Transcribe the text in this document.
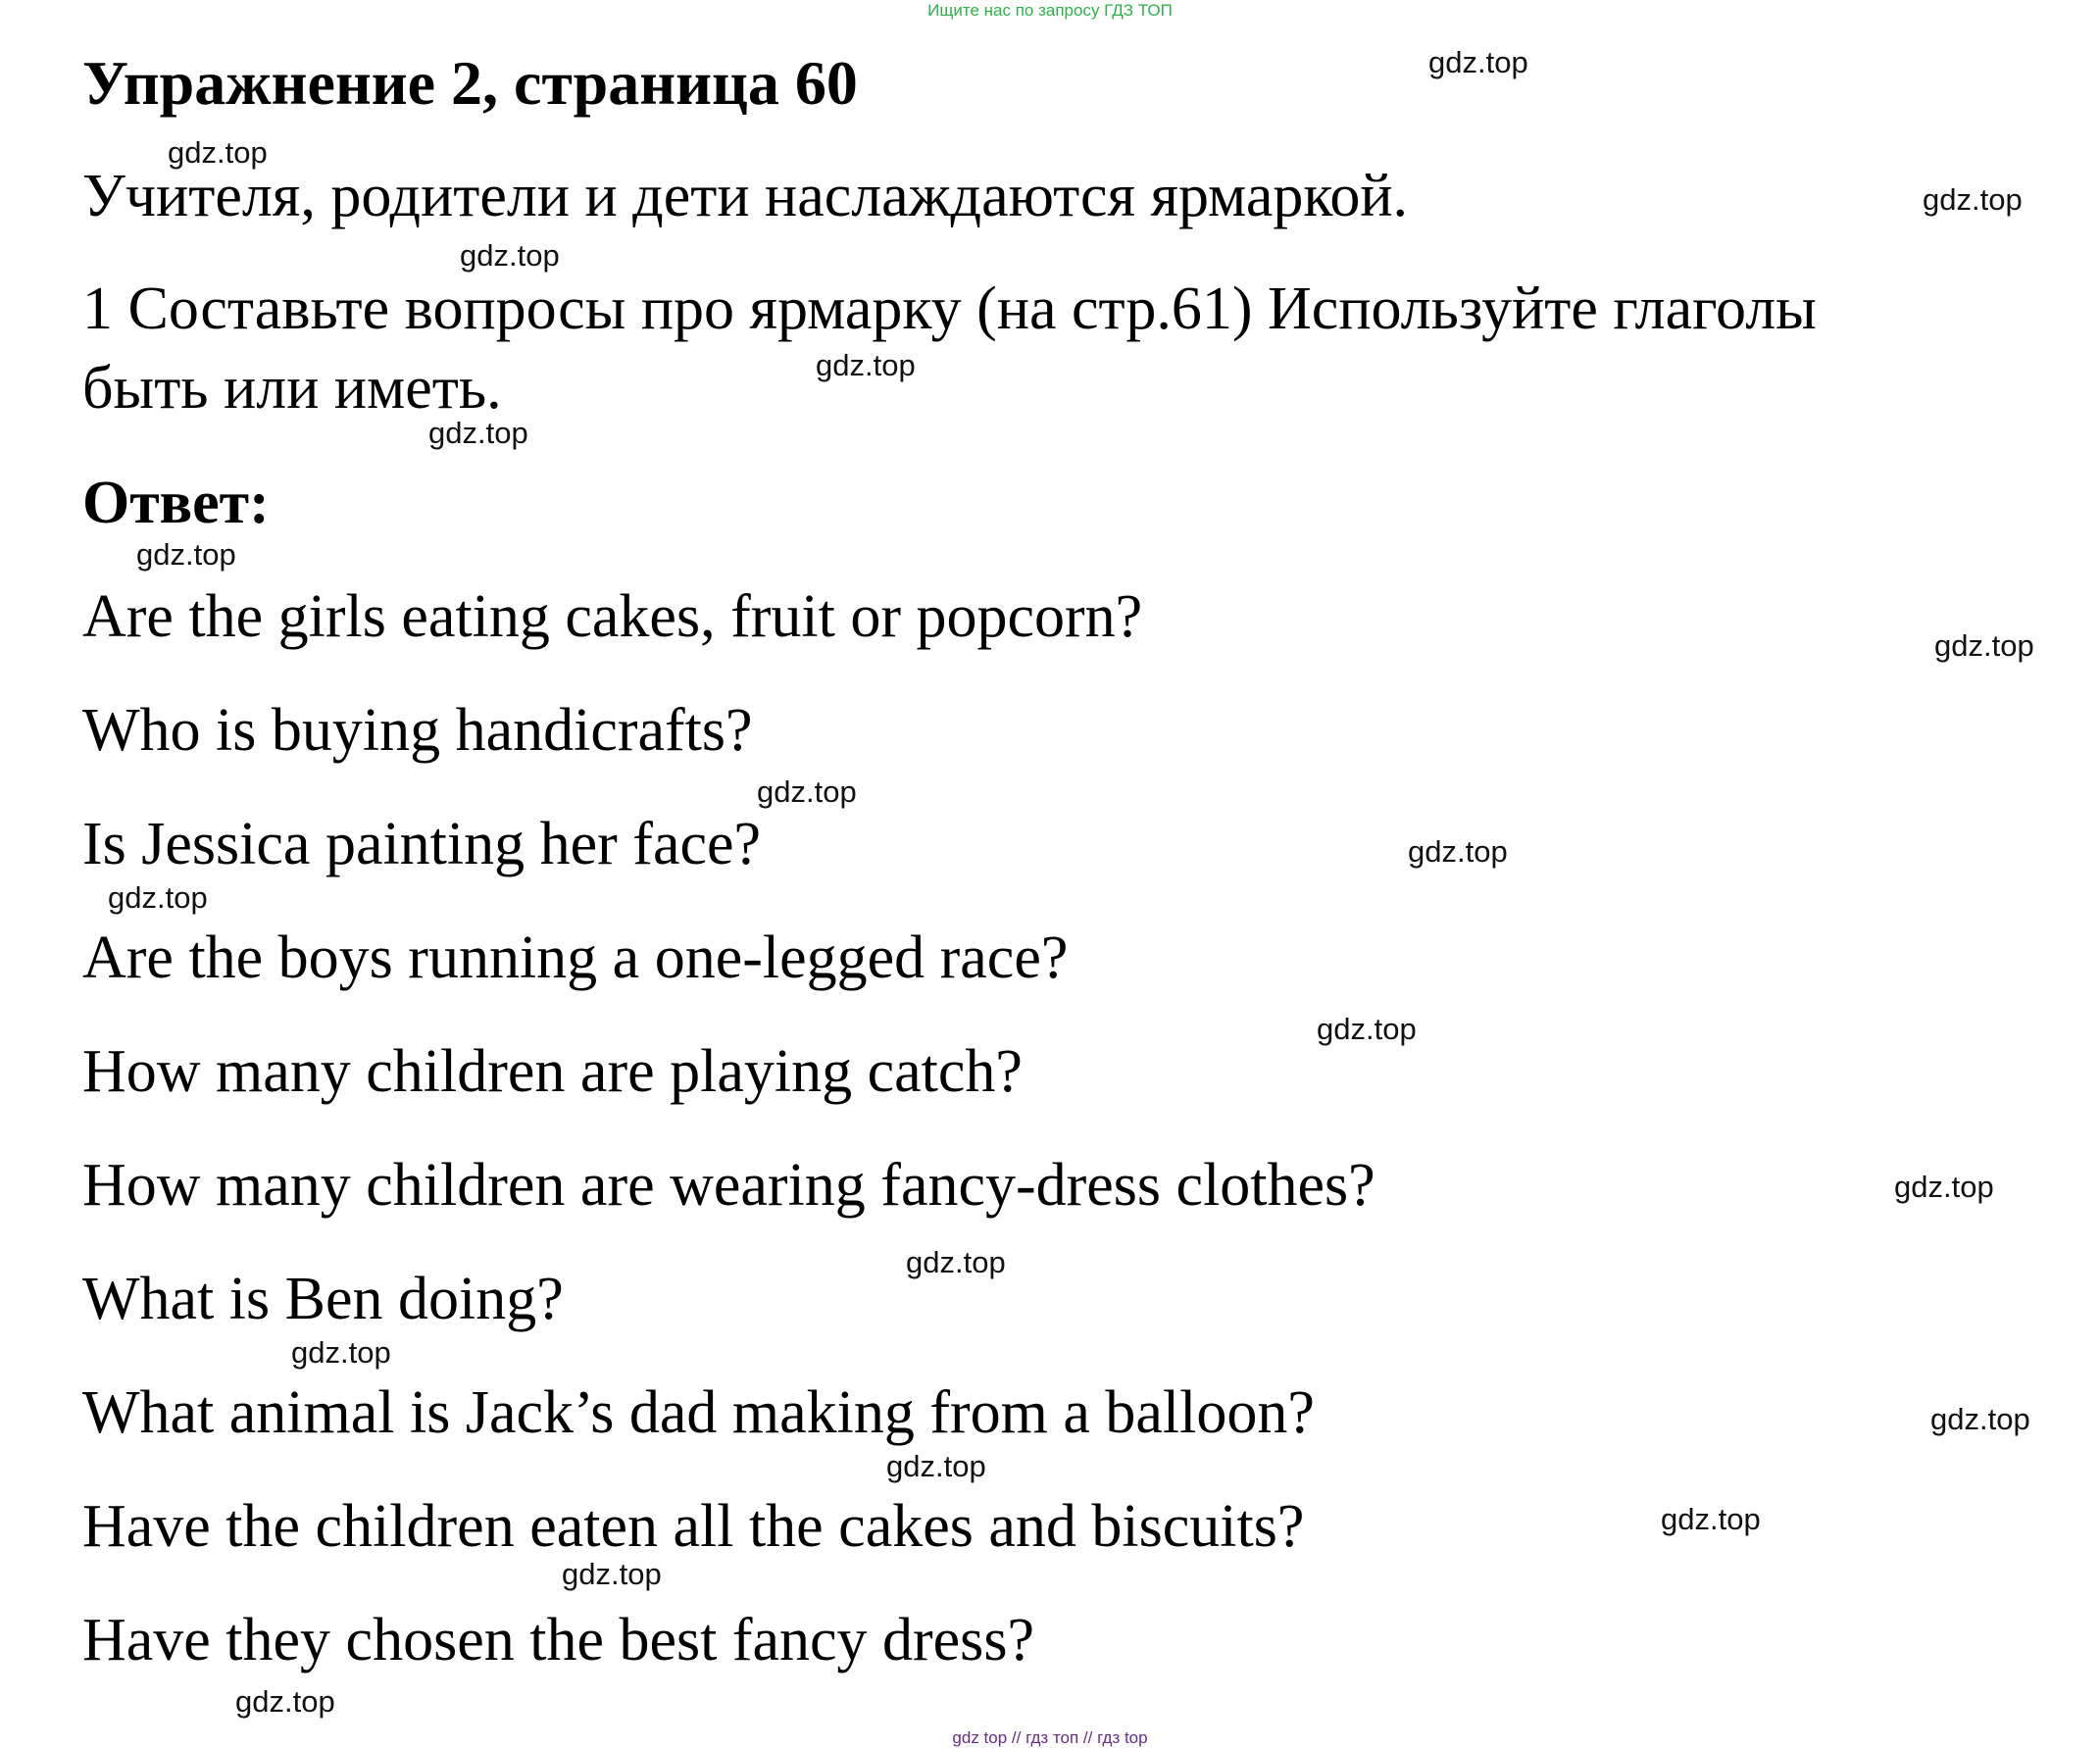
Ищите нас по запросу ГДЗ ТОП
Упражнение 2, страница 60
Учителя, родители и дети наслаждаются ярмаркой.
1 Составьте вопросы про ярмарку (на стр.61) Используйте глаголы
быть или иметь.
Ответ:
Are the girls eating cakes, fruit or popcorn?
Who is buying handicrafts?
Is Jessica painting her face?
Are the boys running a one-legged race?
How many children are playing catch?
How many children are wearing fancy-dress clothes?
What is Ben doing?
What animal is Jack’s dad making from a balloon?
Have the children eaten all the cakes and biscuits?
Have they chosen the best fancy dress?
gdz.top
gdz.top
gdz.top
gdz.top
gdz.top
gdz.top
gdz.top
gdz.top
gdz.top
gdz.top
gdz.top
gdz.top
gdz.top
gdz.top
gdz.top
gdz.top
gdz.top
gdz.top
gdz.top
gdz.top
gdz top // гдз топ // гдз top
